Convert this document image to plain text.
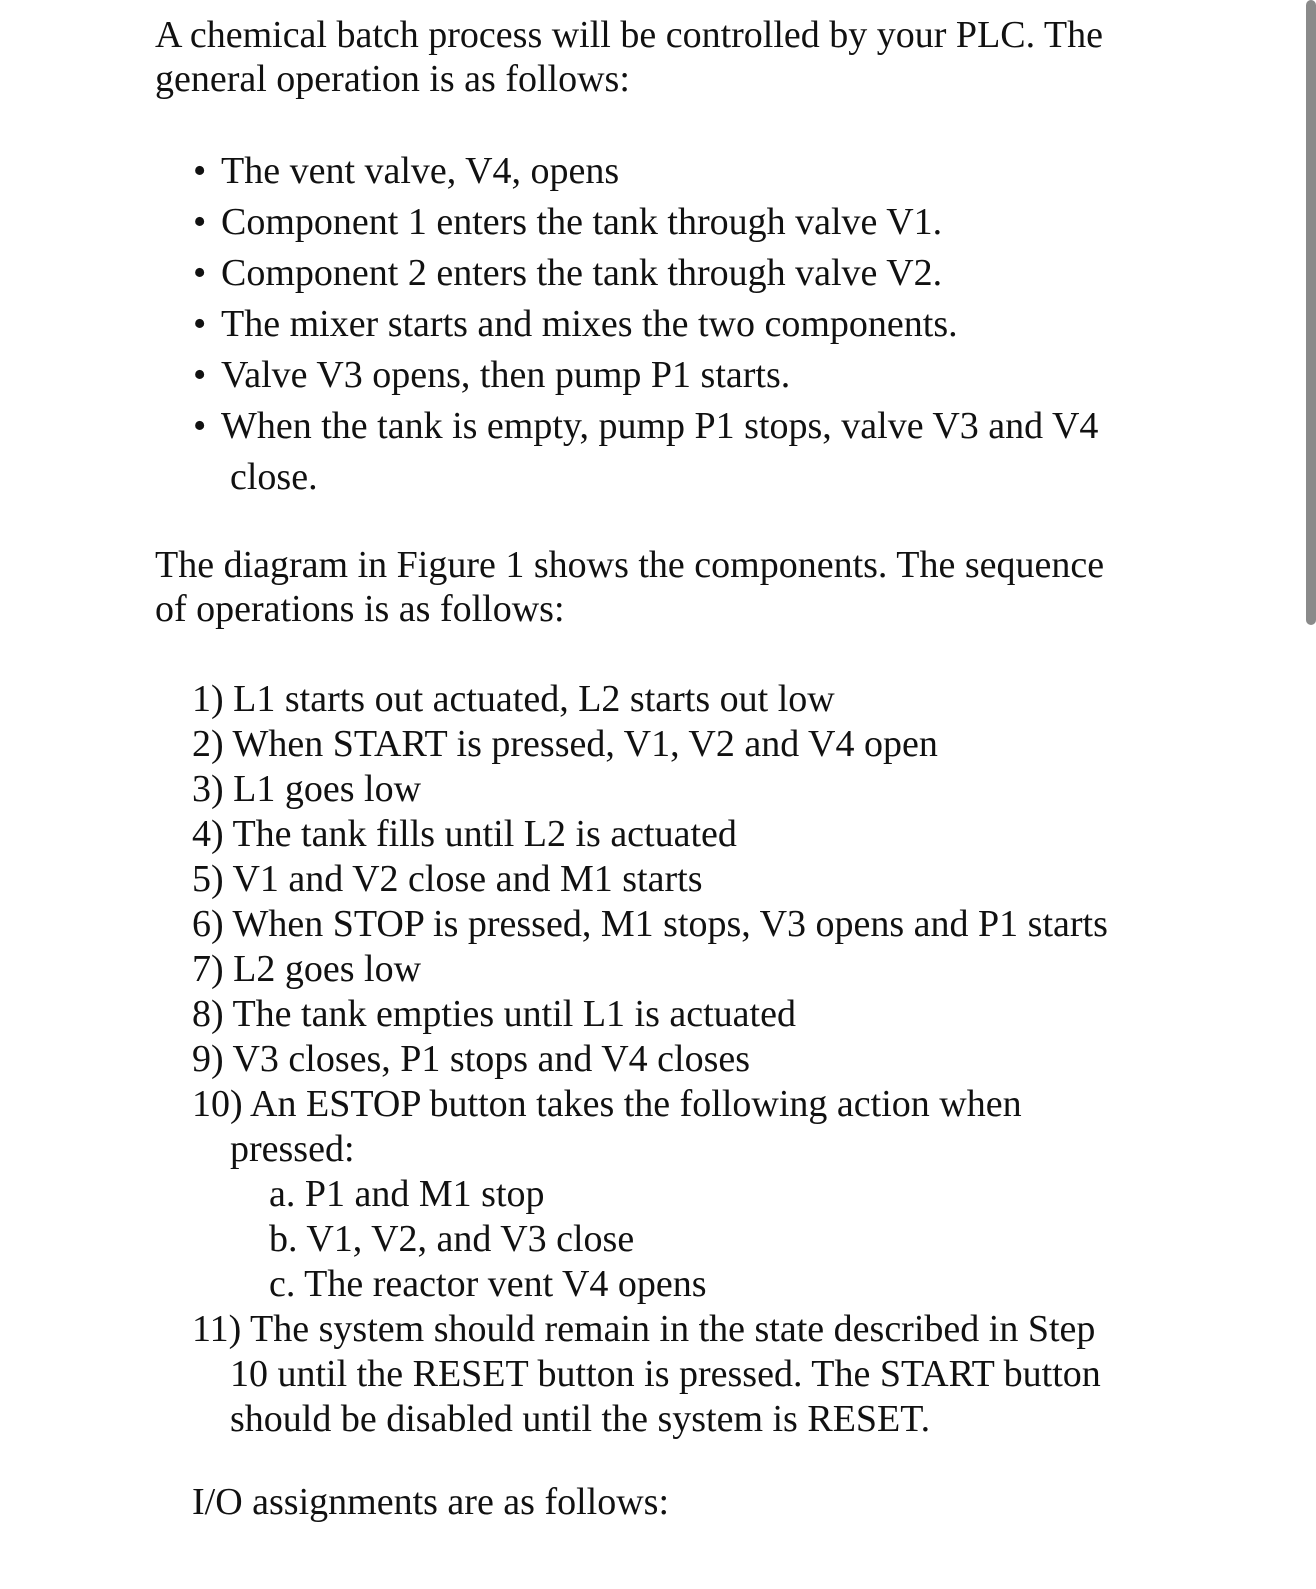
A chemical batch process will be controlled by your PLC. The
general operation is as follows:

• The vent valve, V4, opens
• Component 1 enters the tank through valve V1.
• Component 2 enters the tank through valve V2.
• The mixer starts and mixes the two components.
• Valve V3 opens, then pump P1 starts.
• When the tank is empty, pump P1 stops, valve V3 and V4
close.

The diagram in Figure 1 shows the components. The sequence
of operations is as follows:

1) L1 starts out actuated, L2 starts out low
2) When START is pressed, V1, V2 and V4 open
3) L1 goes low
4) The tank fills until L2 is actuated
5) V1 and V2 close and M1 starts
6) When STOP is pressed, M1 stops, V3 opens and P1 starts
7) L2 goes low
8) The tank empties until L1 is actuated
9) V3 closes, P1 stops and V4 closes
10) An ESTOP button takes the following action when
pressed:
a. P1 and M1 stop
b. V1, V2, and V3 close
c. The reactor vent V4 opens
11) The system should remain in the state described in Step
10 until the RESET button is pressed. The START button
should be disabled until the system is RESET.

I/O assignments are as follows:
